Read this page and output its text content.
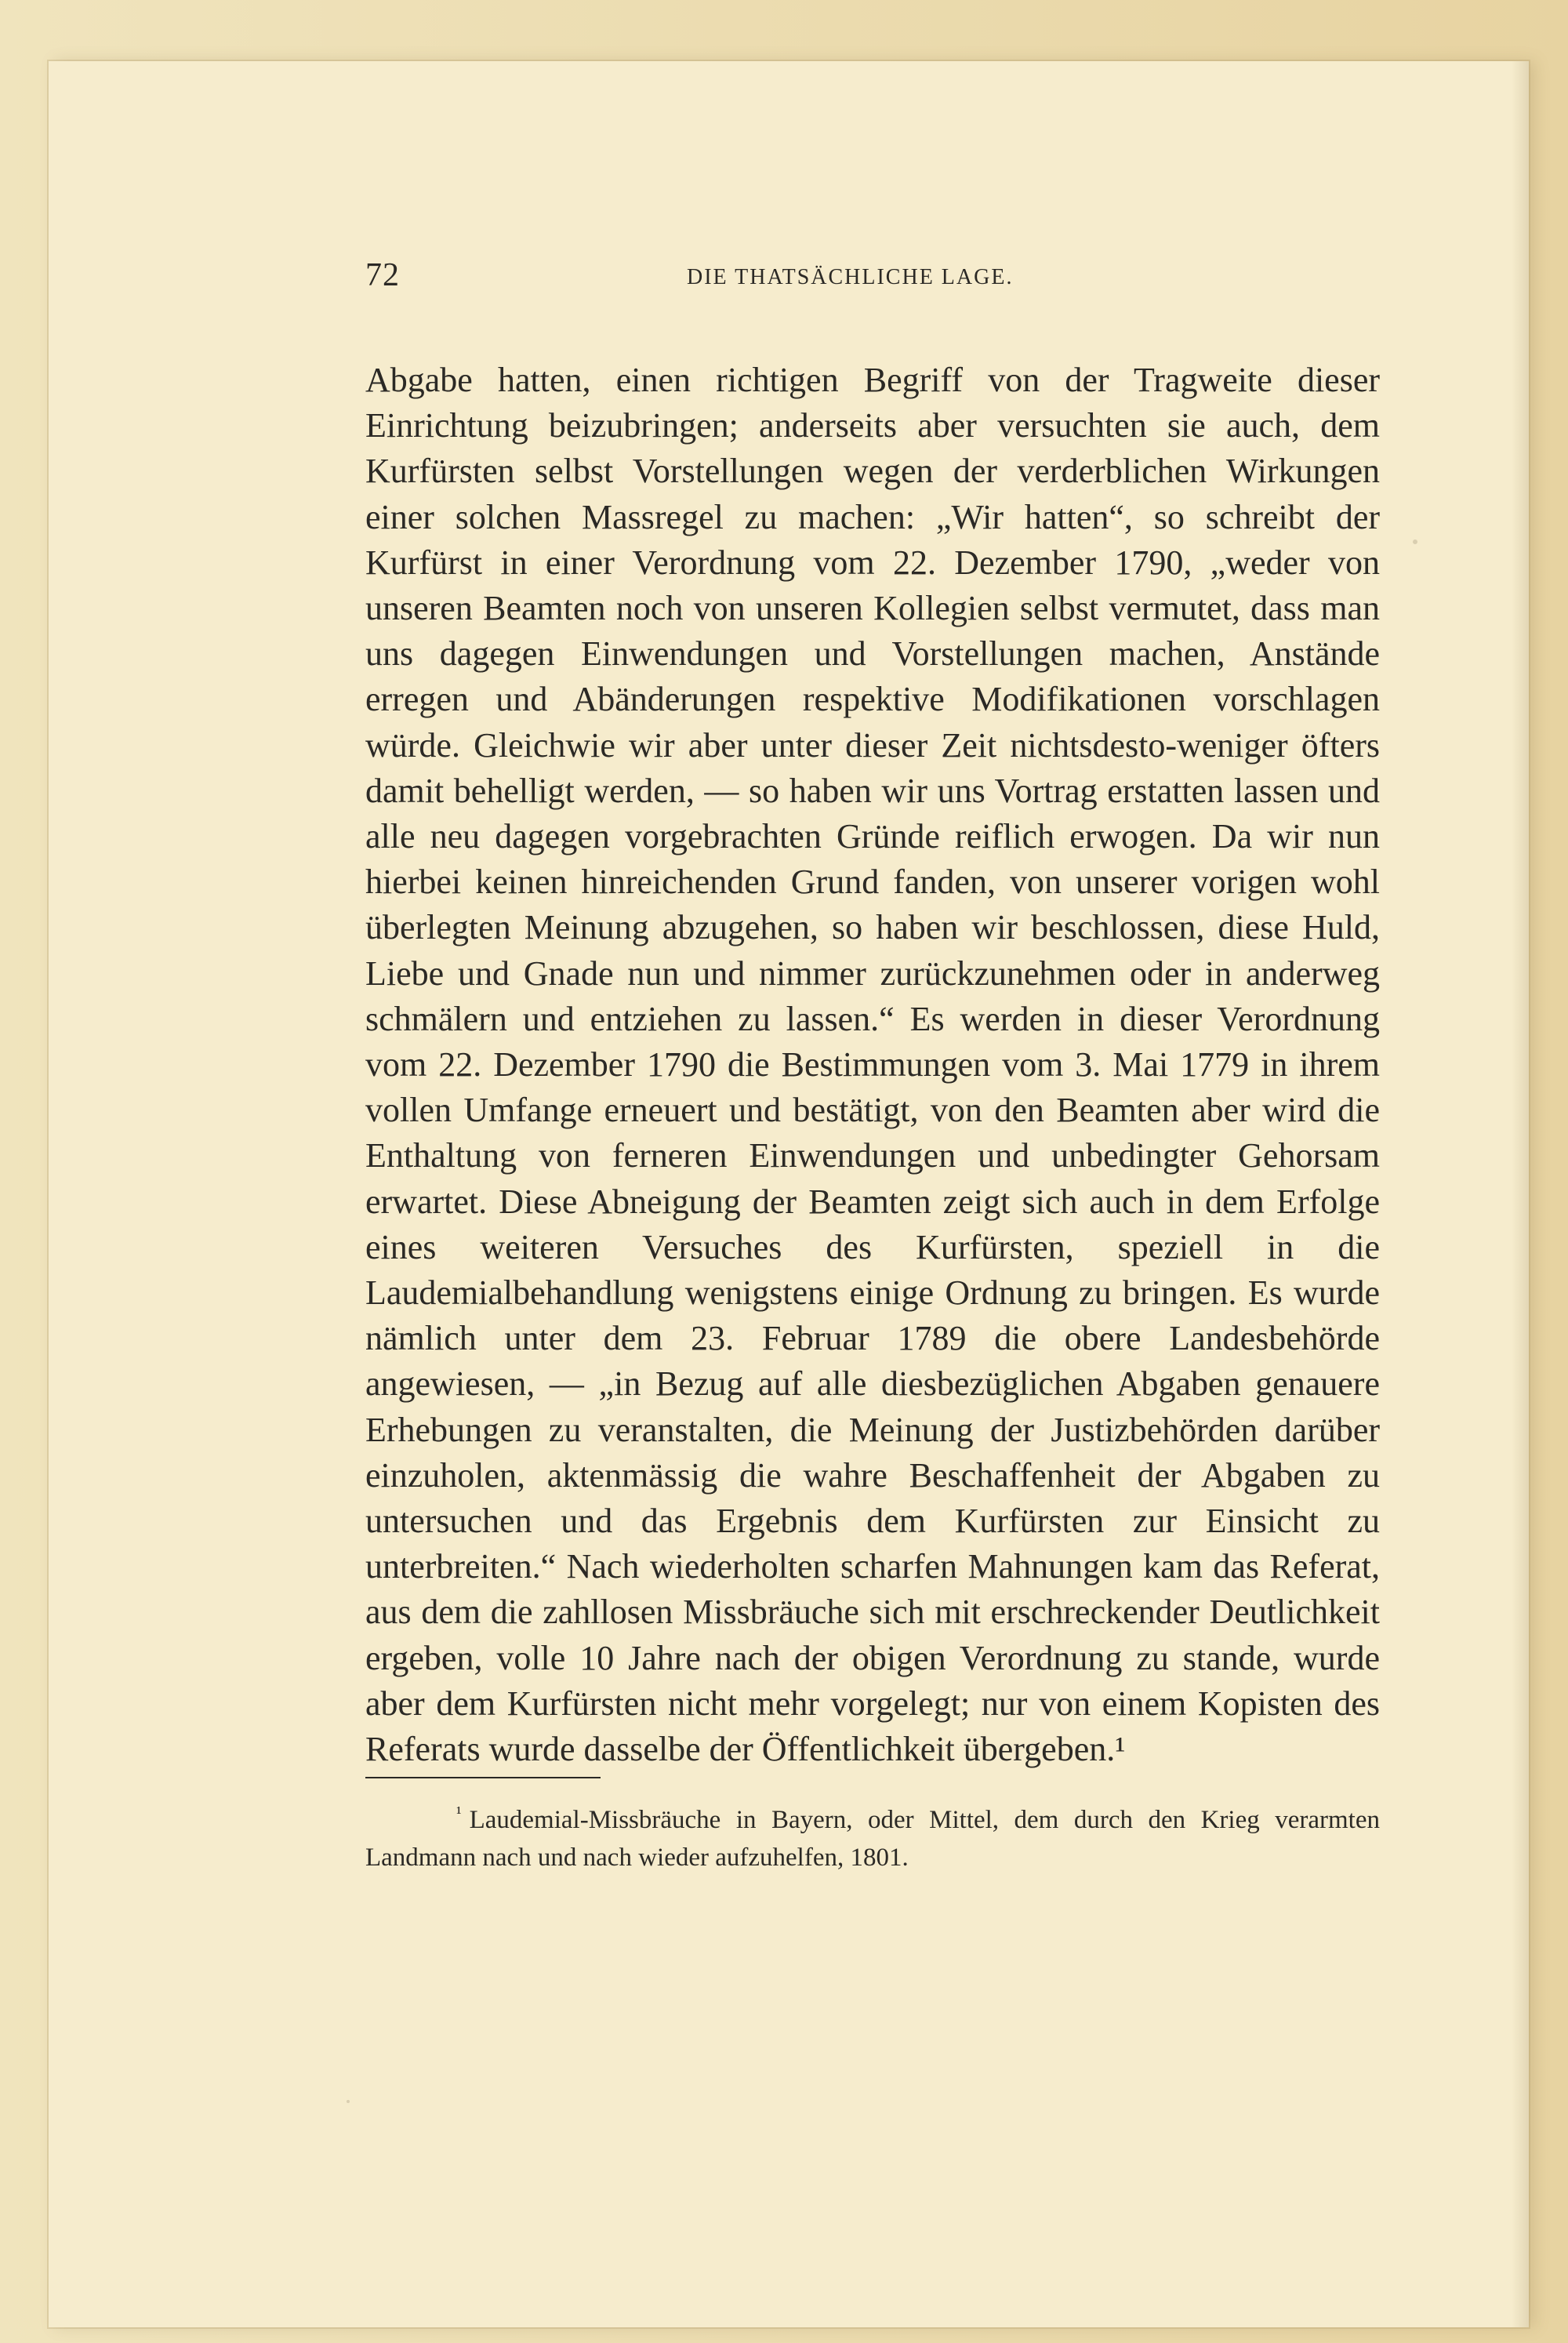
72	DIE THATSÄCHLICHE LAGE.

Abgabe hatten, einen richtigen Begriff von der Tragweite dieser Einrichtung beizubringen; anderseits aber versuchten sie auch, dem Kurfürsten selbst Vorstellungen wegen der verderblichen Wirkungen einer solchen Massregel zu machen: „Wir hatten“, so schreibt der Kurfürst in einer Verordnung vom 22. Dezember 1790, „weder von unseren Beamten noch von unseren Kollegien selbst vermutet, dass man uns dagegen Einwendungen und Vorstellungen machen, Anstände erregen und Abänderungen respektive Modifikationen vorschlagen würde. Gleichwie wir aber unter dieser Zeit nichtsdesto-weniger öfters damit behelligt werden, — so haben wir uns Vortrag erstatten lassen und alle neu dagegen vorgebrachten Gründe reiflich erwogen. Da wir nun hierbei keinen hinreichenden Grund fanden, von unserer vorigen wohl überlegten Meinung abzugehen, so haben wir beschlossen, diese Huld, Liebe und Gnade nun und nimmer zurückzunehmen oder in anderweg schmälern und entziehen zu lassen.“ Es werden in dieser Verordnung vom 22. Dezember 1790 die Bestimmungen vom 3. Mai 1779 in ihrem vollen Umfange erneuert und bestätigt, von den Beamten aber wird die Enthaltung von ferneren Einwendungen und unbedingter Gehorsam erwartet. Diese Abneigung der Beamten zeigt sich auch in dem Erfolge eines weiteren Versuches des Kurfürsten, speziell in die Laudemialbehandlung wenigstens einige Ordnung zu bringen. Es wurde nämlich unter dem 23. Februar 1789 die obere Landesbehörde angewiesen, — „in Bezug auf alle diesbezüglichen Abgaben genauere Erhebungen zu veranstalten, die Meinung der Justizbehörden darüber einzuholen, aktenmässig die wahre Beschaffenheit der Abgaben zu untersuchen und das Ergebnis dem Kurfürsten zur Einsicht zu unterbreiten.“ Nach wiederholten scharfen Mahnungen kam das Referat, aus dem die zahllosen Missbräuche sich mit erschreckender Deutlichkeit ergeben, volle 10 Jahre nach der obigen Verordnung zu stande, wurde aber dem Kurfürsten nicht mehr vorgelegt; nur von einem Kopisten des Referats wurde dasselbe der Öffentlichkeit übergeben.¹

$^{^1}$ Laudemial-Missbräuche in Bayern, oder Mittel, dem durch den Krieg verarmten Landmann nach und nach wieder aufzuhelfen, 1801.
